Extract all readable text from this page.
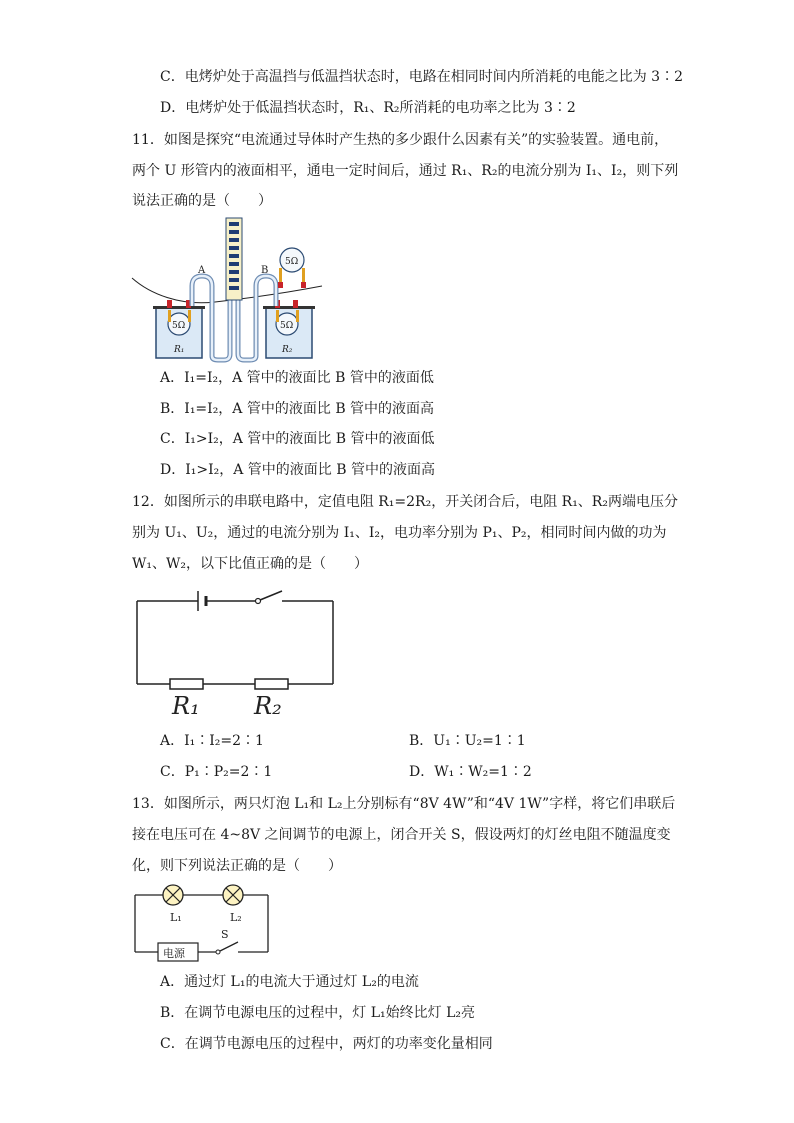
C．电烤炉处于高温挡与低温挡状态时，电路在相同时间内所消耗的电能之比为 3∶2
D．电烤炉处于低温挡状态时，R₁、R₂所消耗的电功率之比为 3∶2
11．如图是探究“电流通过导体时产生热的多少跟什么因素有关”的实验装置。通电前，
两个 U 形管内的液面相平，通电一定时间后，通过 R₁、R₂的电流分别为 I₁、I₂，则下列
说法正确的是（　　）
5Ω
R₁
5Ω
R₂
A	B
5Ω
A．I₁=I₂，A 管中的液面比 B 管中的液面低
B．I₁=I₂，A 管中的液面比 B 管中的液面高
C．I₁>I₂，A 管中的液面比 B 管中的液面低
D．I₁>I₂，A 管中的液面比 B 管中的液面高
12．如图所示的串联电路中，定值电阻 R₁=2R₂，开关闭合后，电阻 R₁、R₂两端电压分
别为 U₁、U₂，通过的电流分别为 I₁、I₂，电功率分别为 P₁、P₂，相同时间内做的功为
W₁、W₂，以下比值正确的是（　　）
R₁ R₂
A．I₁∶I₂=2∶1	B．U₁∶U₂=1∶1
C．P₁∶P₂=2∶1	D．W₁∶W₂=1∶2
13．如图所示，两只灯泡 L₁和 L₂上分别标有“8V 4W”和“4V 1W”字样，将它们串联后
接在电压可在 4~8V 之间调节的电源上，闭合开关 S，假设两灯的灯丝电阻不随温度变
化，则下列说法正确的是（　　）
L₁	L₂
电源
S
A．通过灯 L₁的电流大于通过灯 L₂的电流
B．在调节电源电压的过程中，灯 L₁始终比灯 L₂亮
C．在调节电源电压的过程中，两灯的功率变化量相同
